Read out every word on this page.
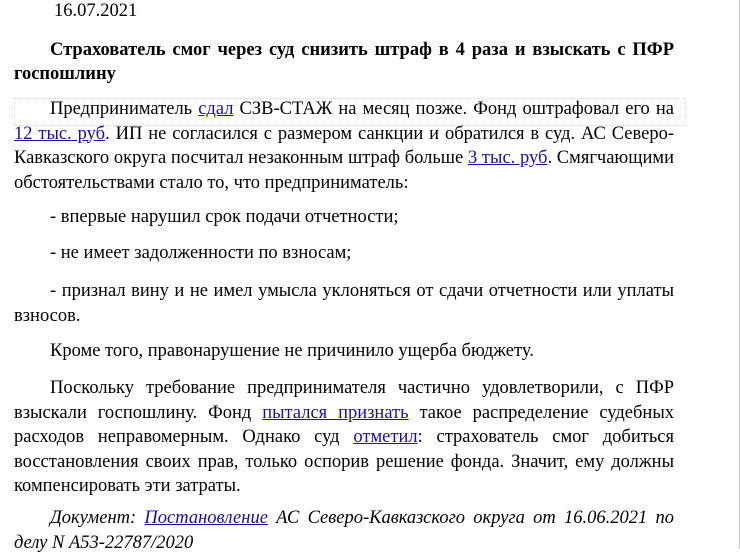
16.07.2021
Страхователь смог через суд снизить штраф в 4 раза и взыскать с ПФР госпошлину
Предприниматель сдал СЗВ-СТАЖ на месяц позже. Фонд оштрафовал его на 12 тыс. руб. ИП не согласился с размером санкции и обратился в суд. АС Северо-Кавказского округа посчитал незаконным штраф больше 3 тыс. руб. Смягчающими обстоятельствами стало то, что предприниматель:
- впервые нарушил срок подачи отчетности;
- не имеет задолженности по взносам;
- признал вину и не имел умысла уклоняться от сдачи отчетности или уплаты взносов.
Кроме того, правонарушение не причинило ущерба бюджету.
Поскольку требование предпринимателя частично удовлетворили, с ПФР взыскали госпошлину. Фонд пытался признать такое распределение судебных расходов неправомерным. Однако суд отметил: страхователь смог добиться восстановления своих прав, только оспорив решение фонда. Значит, ему должны компенсировать эти затраты.
Документ: Постановление АС Северо-Кавказского округа от 16.06.2021 по делу N А53-22787/2020
